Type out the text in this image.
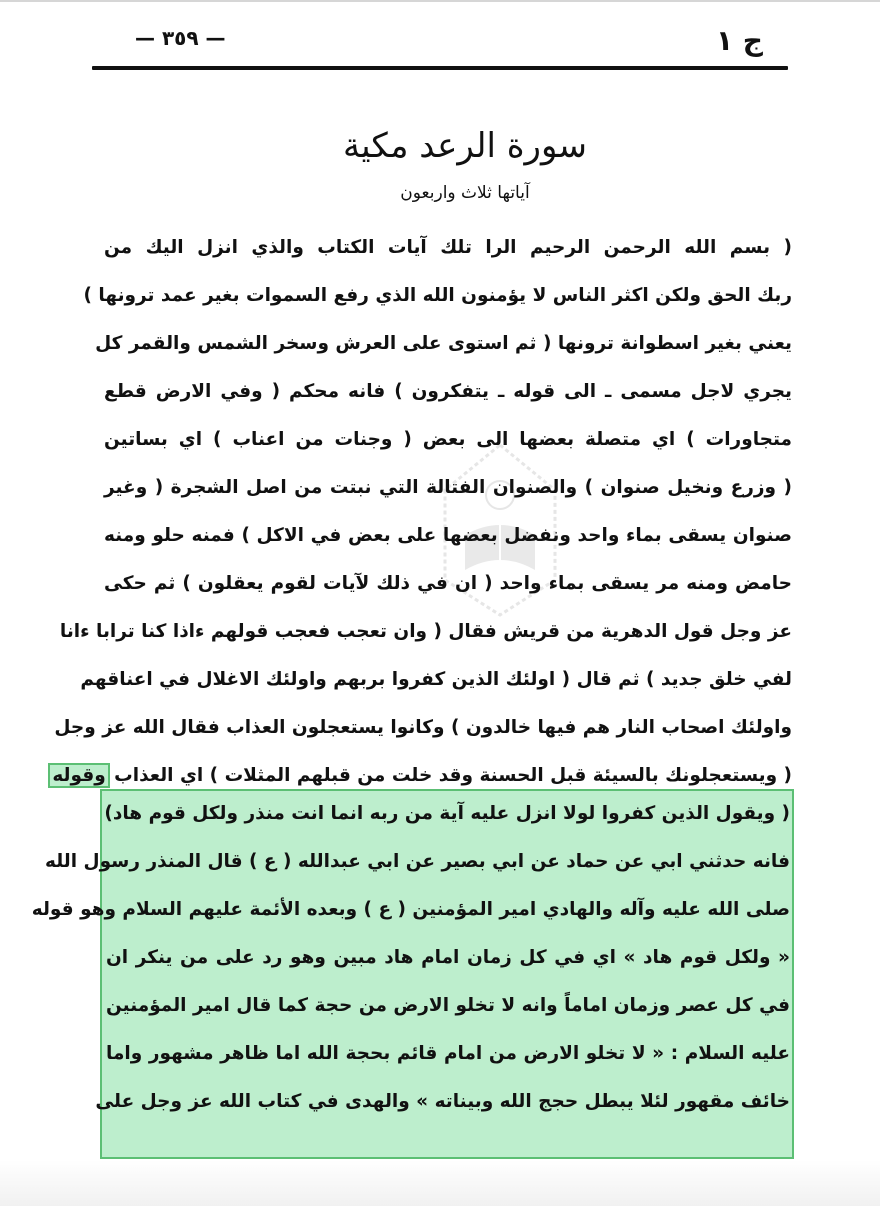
— ٣٥٩ —	ج ١
سورة الرعد مكية
آياتها ثلاث واربعون
( بسم الله الرحمن الرحيم الرا تلك آيات الكتاب والذي انزل اليك من
ربك الحق ولكن اكثر الناس لا يؤمنون الله الذي رفع السموات بغير عمد ترونها )
يعني بغير اسطوانة ترونها ( ثم استوى على العرش وسخر الشمس والقمر كل
يجري لاجل مسمى ـ الى قوله ـ يتفكرون ) فانه محكم ( وفي الارض قطع
متجاورات ) اي متصلة بعضها الى بعض ( وجنات من اعناب ) اي بساتين
( وزرع ونخيل صنوان ) والصنوان الفتالة التي نبتت من اصل الشجرة ( وغير
صنوان يسقى بماء واحد ونفضل بعضها على بعض في الاكل ) فمنه حلو ومنه
حامض ومنه مر يسقى بماء واحد ( ان في ذلك لآيات لقوم يعقلون ) ثم حكى
عز وجل قول الدهرية من قريش فقال ( وان تعجب فعجب قولهم ءاذا كنا ترابا ءانا
لفي خلق جديد ) ثم قال ( اولئك الذين كفروا بربهم واولئك الاغلال في اعناقهم
واولئك اصحاب النار هم فيها خالدون ) وكانوا يستعجلون العذاب فقال الله عز وجل
( ويستعجلونك بالسيئة قبل الحسنة وقد خلت من قبلهم المثلات ) اي العذاب وقوله
( ويقول الذين كفروا لولا انزل عليه آية من ربه انما انت منذر ولكل قوم هاد)
فانه حدثني ابي عن حماد عن ابي بصير عن ابي عبدالله ( ع ) قال المنذر رسول الله
صلى الله عليه وآله والهادي امير المؤمنين ( ع ) وبعده الأئمة عليهم السلام وهو قوله
« ولكل قوم هاد » اي في كل زمان امام هاد مبين وهو رد على من ينكر ان
في كل عصر وزمان اماماً وانه لا تخلو الارض من حجة كما قال امير المؤمنين
عليه السلام : « لا تخلو الارض من امام قائم بحجة الله اما ظاهر مشهور واما
خائف مقهور لئلا يبطل حجج الله وبيناته » والهدى في كتاب الله عز وجل على
